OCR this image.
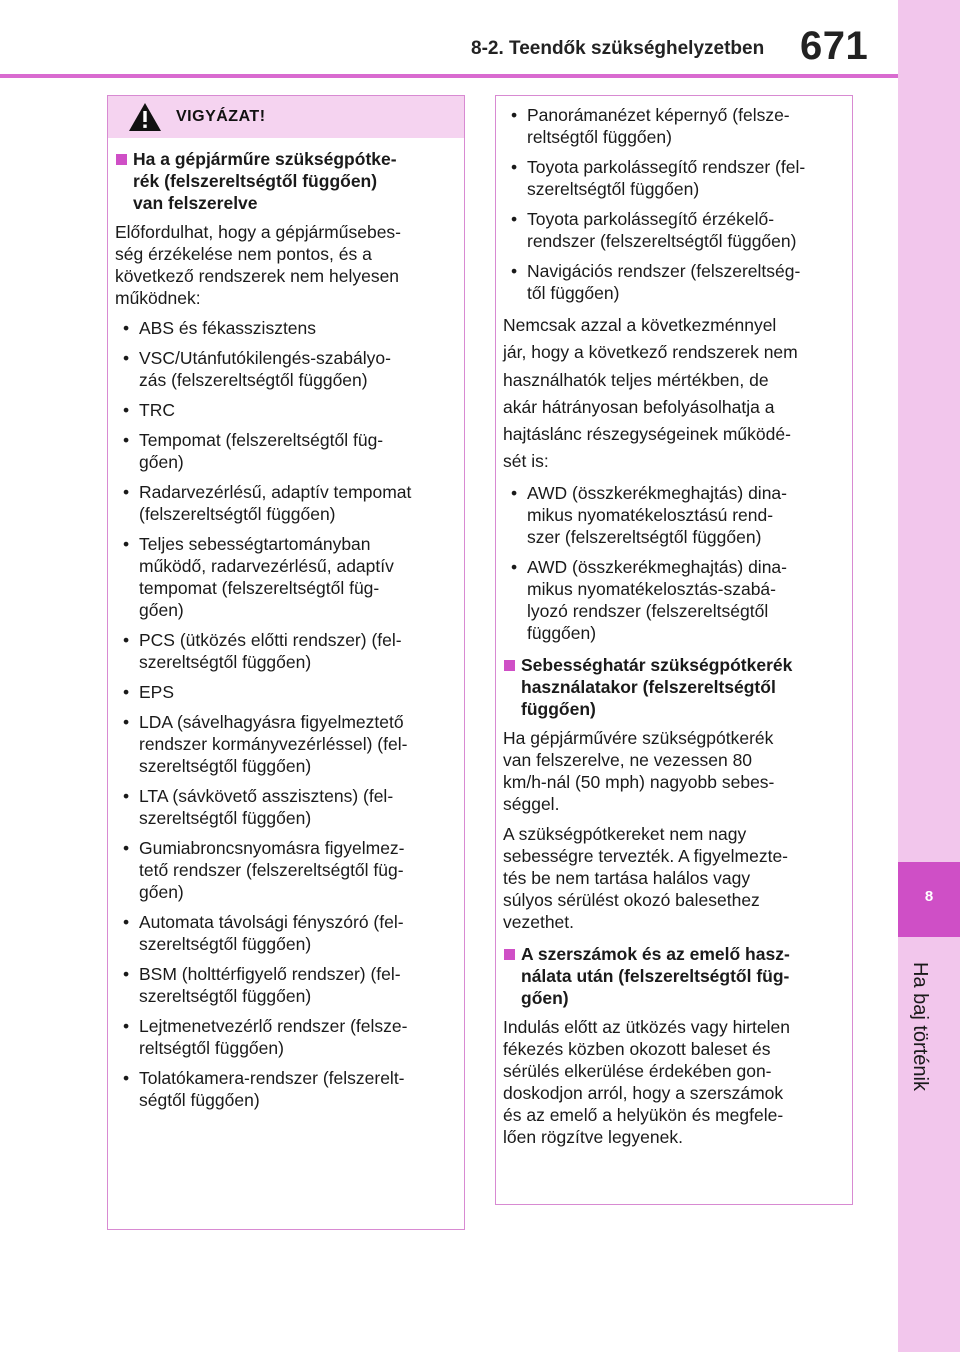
8-2. Teendők szükséghelyzetben 671
8
Ha baj történik
VIGYÁZAT!
Ha a gépjárműre szükségpótke-
rék (felszereltségtől függően)
van felszerelve
Előfordulhat, hogy a gépjárműsebes-
ség érzékelése nem pontos, és a
következő rendszerek nem helyesen
működnek:
• ABS és fékasszisztens
• VSC/Utánfutókilengés-szabályo-
zás (felszereltségtől függően)
• TRC
• Tempomat (felszereltségtől füg-
gően)
• Radarvezérlésű, adaptív tempomat
(felszereltségtől függően)
• Teljes sebességtartományban
működő, radarvezérlésű, adaptív
tempomat (felszereltségtől füg-
gően)
• PCS (ütközés előtti rendszer) (fel-
szereltségtől függően)
• EPS
• LDA (sávelhagyásra figyelmeztető
rendszer kormányvezérléssel) (fel-
szereltségtől függően)
• LTA (sávkövető asszisztens) (fel-
szereltségtől függően)
• Gumiabroncsnyomásra figyelmez-
tető rendszer (felszereltségtől füg-
gően)
• Automata távolsági fényszóró (fel-
szereltségtől függően)
• BSM (holttérfigyelő rendszer) (fel-
szereltségtől függően)
• Lejtmenetvezérlő rendszer (felsze-
reltségtől függően)
• Tolatókamera-rendszer (felszerelt-
ségtől függően)
• Panorámanézet képernyő (felsze-
reltségtől függően)
• Toyota parkolássegítő rendszer (fel-
szereltségtől függően)
• Toyota parkolássegítő érzékelő-
rendszer (felszereltségtől függően)
• Navigációs rendszer (felszereltség-
től függően)
Nemcsak azzal a következménnyel
jár, hogy a következő rendszerek nem
használhatók teljes mértékben, de
akár hátrányosan befolyásolhatja a
hajtáslánc részegységeinek működé-
sét is:
• AWD (összkerékmeghajtás) dina-
mikus nyomatékelosztású rend-
szer (felszereltségtől függően)
• AWD (összkerékmeghajtás) dina-
mikus nyomatékelosztás-szabá-
lyozó rendszer (felszereltségtől
függően)
Sebességhatár szükségpótkerék
használatakor (felszereltségtől
függően)
Ha gépjárművére szükségpótkerék
van felszerelve, ne vezessen 80
km/h-nál (50 mph) nagyobb sebes-
séggel.
A szükségpótkereket nem nagy
sebességre tervezték. A figyelmezte-
tés be nem tartása halálos vagy
súlyos sérülést okozó balesethez
vezethet.
A szerszámok és az emelő hasz-
nálata után (felszereltségtől füg-
gően)
Indulás előtt az ütközés vagy hirtelen
fékezés közben okozott baleset és
sérülés elkerülése érdekében gon-
doskodjon arról, hogy a szerszámok
és az emelő a helyükön és megfele-
lően rögzítve legyenek.
